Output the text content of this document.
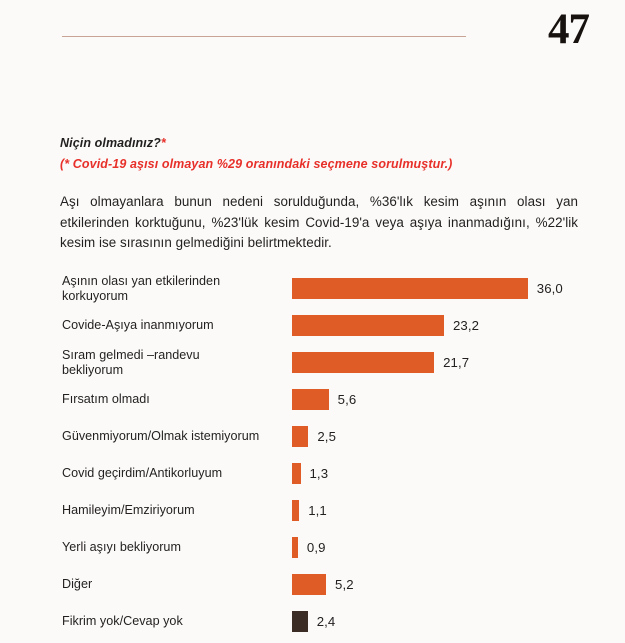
47

Niçin olmadınız?*

(* Covid-19 aşısı olmayan %29 oranındaki seçmene sorulmuştur.)

Aşı olmayanlara bunun nedeni sorulduğunda, %36'lık kesim aşının olası yan etkilerinden korktuğunu, %23'lük kesim Covid-19'a veya aşıya inanmadığını, %22'lik kesim ise sırasının gelmediğini belirtmektedir.
Aşının olası yan etkilerinden korkuyorum	36,0
Covide-Aşıya inanmıyorum	23,2
Sıram gelmedi –randevu bekliyorum	21,7
Fırsatım olmadı	5,6
Güvenmiyorum/Olmak istemiyorum	2,5
Covid geçirdim/Antikorluyum	1,3
Hamileyim/Emziriyorum	1,1
Yerli aşıyı bekliyorum	0,9
Diğer	5,2
Fikrim yok/Cevap yok	2,4
